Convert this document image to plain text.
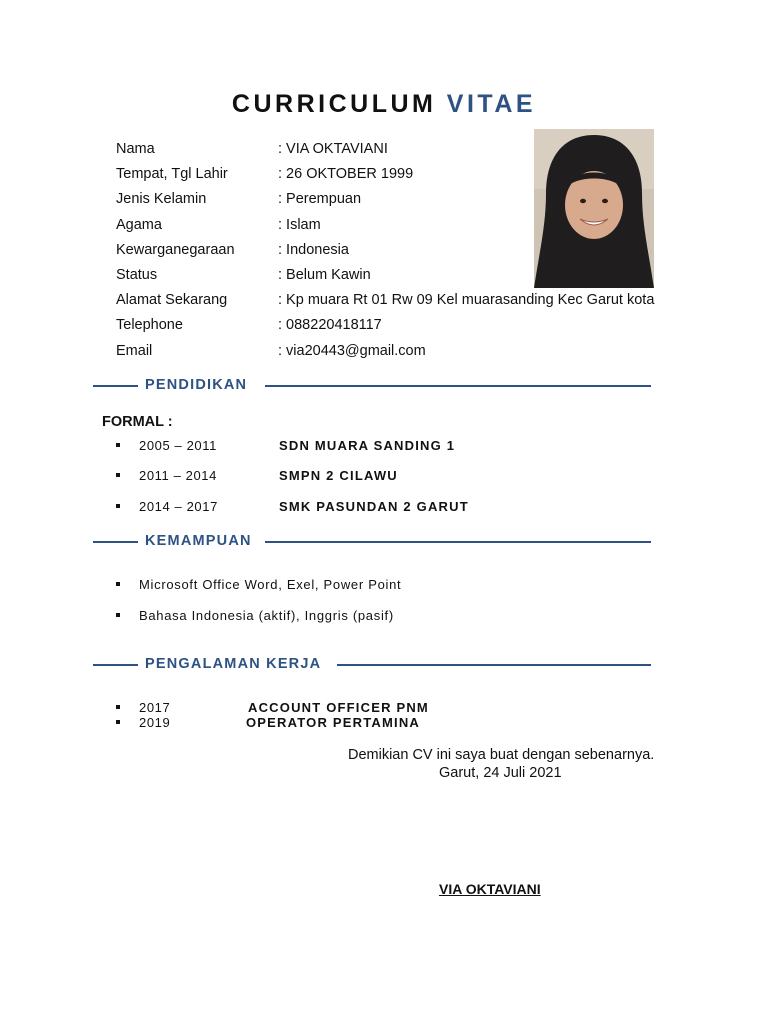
CURRICULUM VITAE
Nama	: VIA OKTAVIANI
Tempat, Tgl Lahir	: 26 OKTOBER 1999
Jenis Kelamin	: Perempuan
Agama	: Islam
Kewarganegaraan	: Indonesia
Status	: Belum Kawin
Alamat Sekarang	: Kp muara Rt 01 Rw 09 Kel muarasanding Kec Garut kota
Telephone	: 088220418117
Email	: via20443@gmail.com
PENDIDIKAN
FORMAL :
2005 – 2011	SDN MUARA SANDING 1
2011 – 2014	SMPN 2 CILAWU
2014 – 2017	SMK PASUNDAN 2 GARUT
KEMAMPUAN
Microsoft Office Word, Exel, Power Point
Bahasa Indonesia (aktif), Inggris (pasif)
PENGALAMAN KERJA
2017	ACCOUNT OFFICER PNM
2019	OPERATOR PERTAMINA
Demikian CV ini saya buat dengan sebenarnya.
Garut, 24 Juli 2021
VIA OKTAVIANI
